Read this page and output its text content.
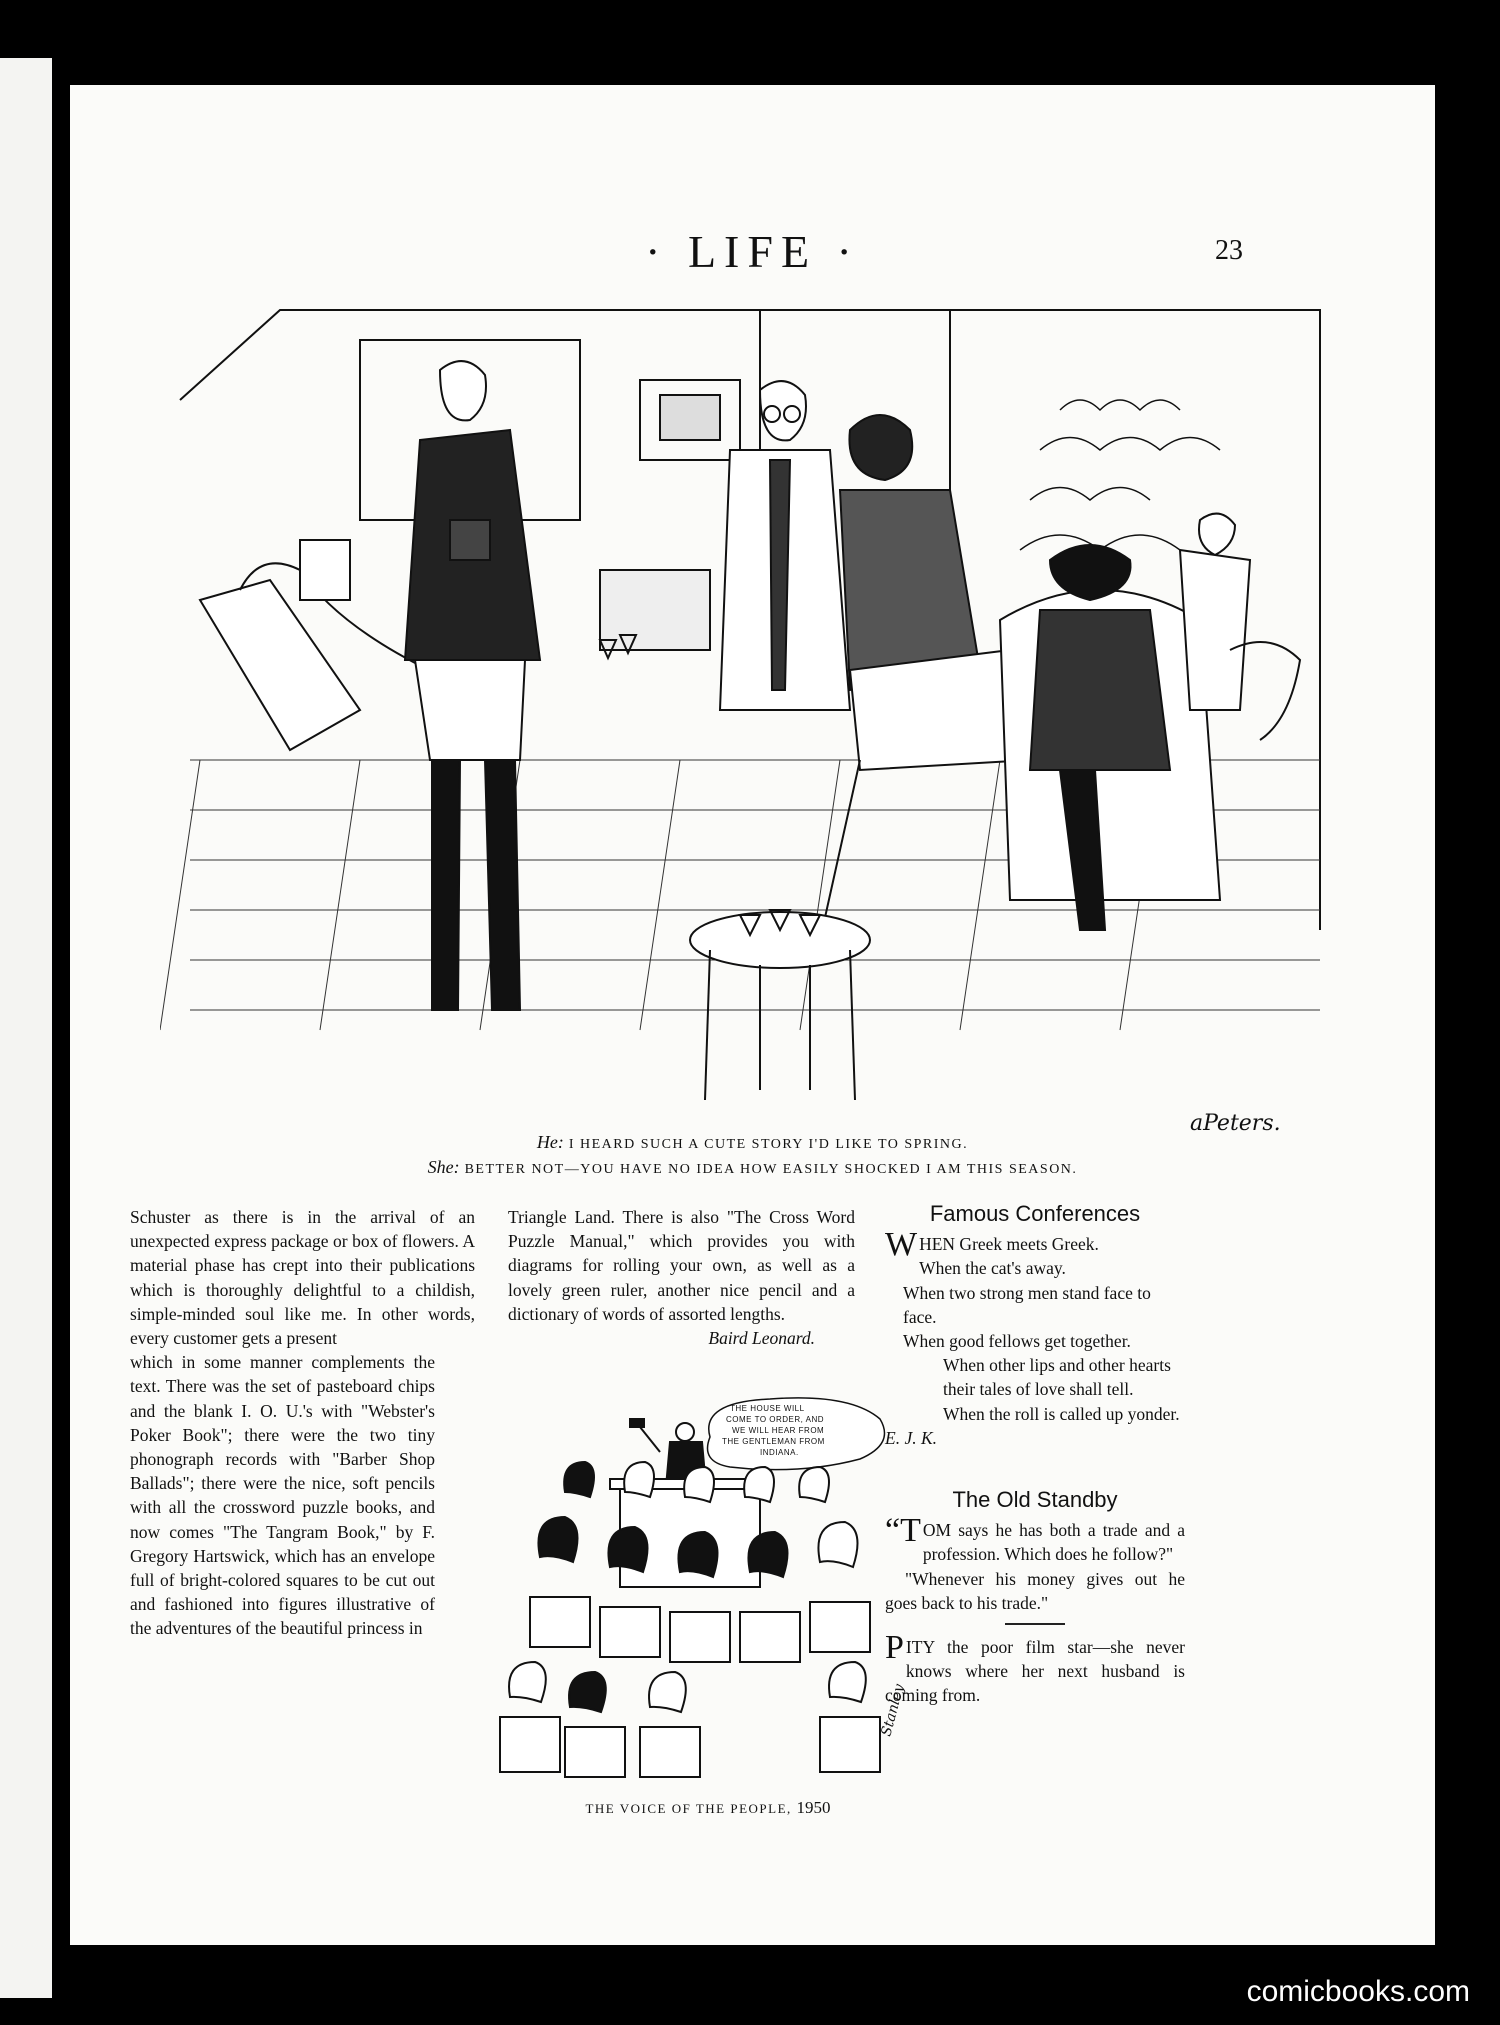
· LIFE ·	23
aPeters.
He: I HEARD SUCH A CUTE STORY I'D LIKE TO SPRING.
She: BETTER NOT—YOU HAVE NO IDEA HOW EASILY SHOCKED I AM THIS SEASON.

Schuster as there is in the arrival of an unexpected express package or box of flowers. A material phase has crept into their publications which is thoroughly delightful to a childish, simple-minded soul like me. In other words, every customer gets a present

which in some manner complements the text. There was the set of pasteboard chips and the blank I. O. U.'s with "Webster's Poker Book"; there were the two tiny phonograph records with "Barber Shop Ballads"; there were the nice, soft pencils with all the crossword puzzle books, and now comes "The Tangram Book," by F. Gregory Hartswick, which has an envelope full of bright-colored squares to be cut out and fashioned into figures illustrative of the adventures of the beautiful princess in

Triangle Land. There is also "The Cross Word Puzzle Manual," which provides you with diagrams for rolling your own, as well as a lovely green ruler, another nice pencil and a dictionary of words of assorted lengths.

Baird Leonard.

THE HOUSE WILL
COME TO ORDER, AND
WE WILL HEAR FROM
THE GENTLEMAN FROM
INDIANA.
Stanley
THE VOICE OF THE PEOPLE, 1950
Famous Conferences

WHEN Greek meets Greek.

When the cat's away.

When two strong men stand face to face.

When good fellows get together.

When other lips and other hearts their tales of love shall tell.

When the roll is called up yonder.

E. J. K.

The Old Standby

“TOM says he has both a trade and a profession. Which does he follow?"

"Whenever his money gives out he goes back to his trade."

PITY the poor film star—she never knows where her next husband is coming from.

comicbooks.com
